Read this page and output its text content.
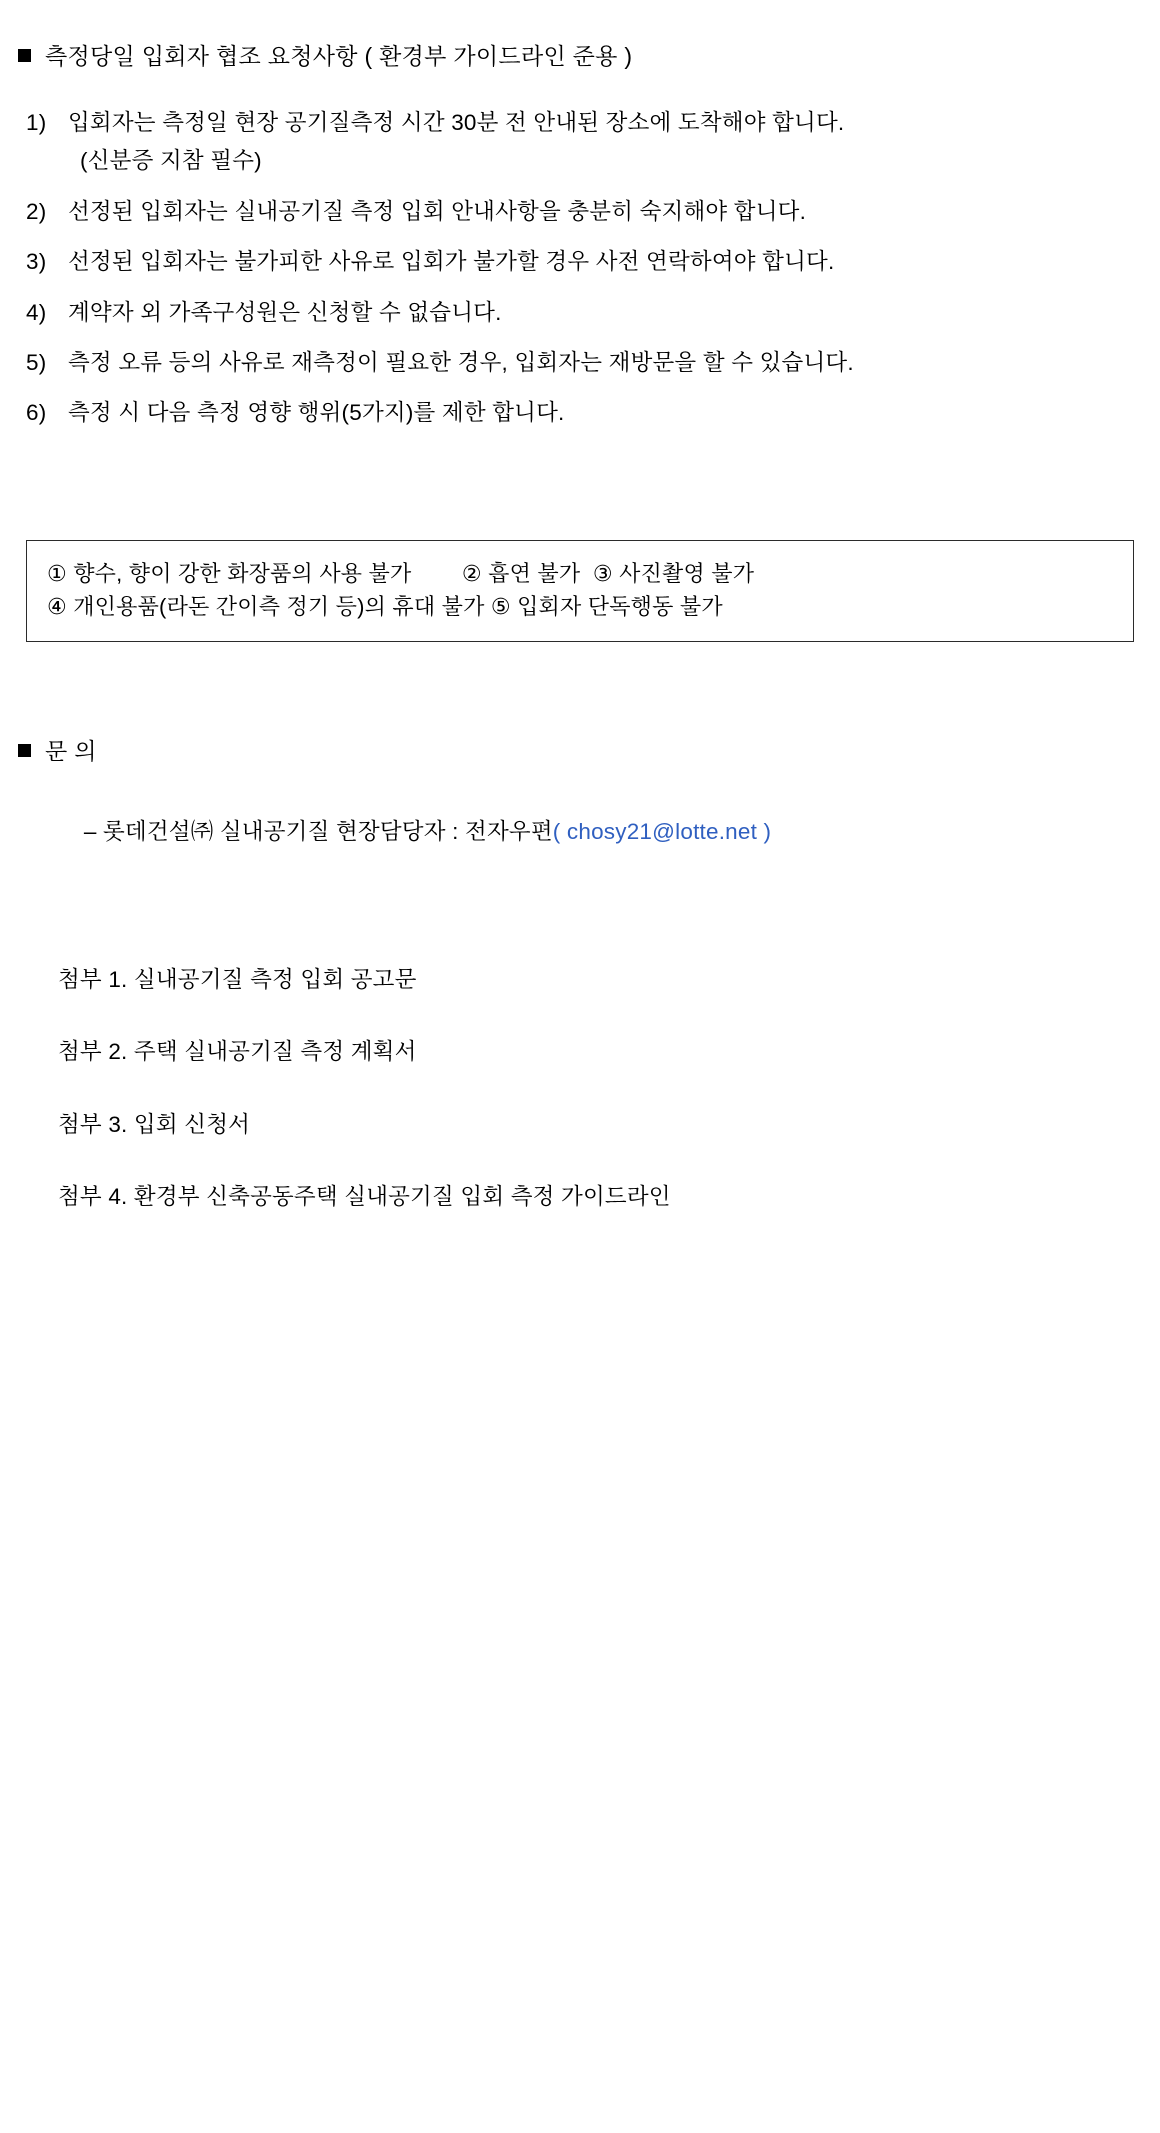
측정당일 입회자 협조 요청사항 ( 환경부 가이드라인 준용 )
1) 입회자는 측정일 현장 공기질측정 시간 30분 전 안내된 장소에 도착해야 합니다.
(신분증 지참 필수)
2) 선정된 입회자는 실내공기질 측정 입회 안내사항을 충분히 숙지해야 합니다.
3) 선정된 입회자는 불가피한 사유로 입회가 불가할 경우 사전 연락하여야 합니다.
4) 계약자 외 가족구성원은 신청할 수 없습니다.
5) 측정 오류 등의 사유로 재측정이 필요한 경우, 입회자는 재방문을 할 수 있습니다.
6) 측정 시 다음 측정 영향 행위(5가지)를 제한 합니다.
① 향수, 향이 강한 화장품의 사용 불가        ② 흡연 불가  ③ 사진촬영 불가
④ 개인용품(라돈 간이측 정기 등)의 휴대 불가 ⑤ 입회자 단독행동 불가
문 의

– 롯데건설㈜ 실내공기질 현장담당자 : 전자우편( chosy21@lotte.net )

첨부 1. 실내공기질 측정 입회 공고문
첨부 2. 주택 실내공기질 측정 계획서
첨부 3. 입회 신청서
첨부 4. 환경부 신축공동주택 실내공기질 입회 측정 가이드라인
